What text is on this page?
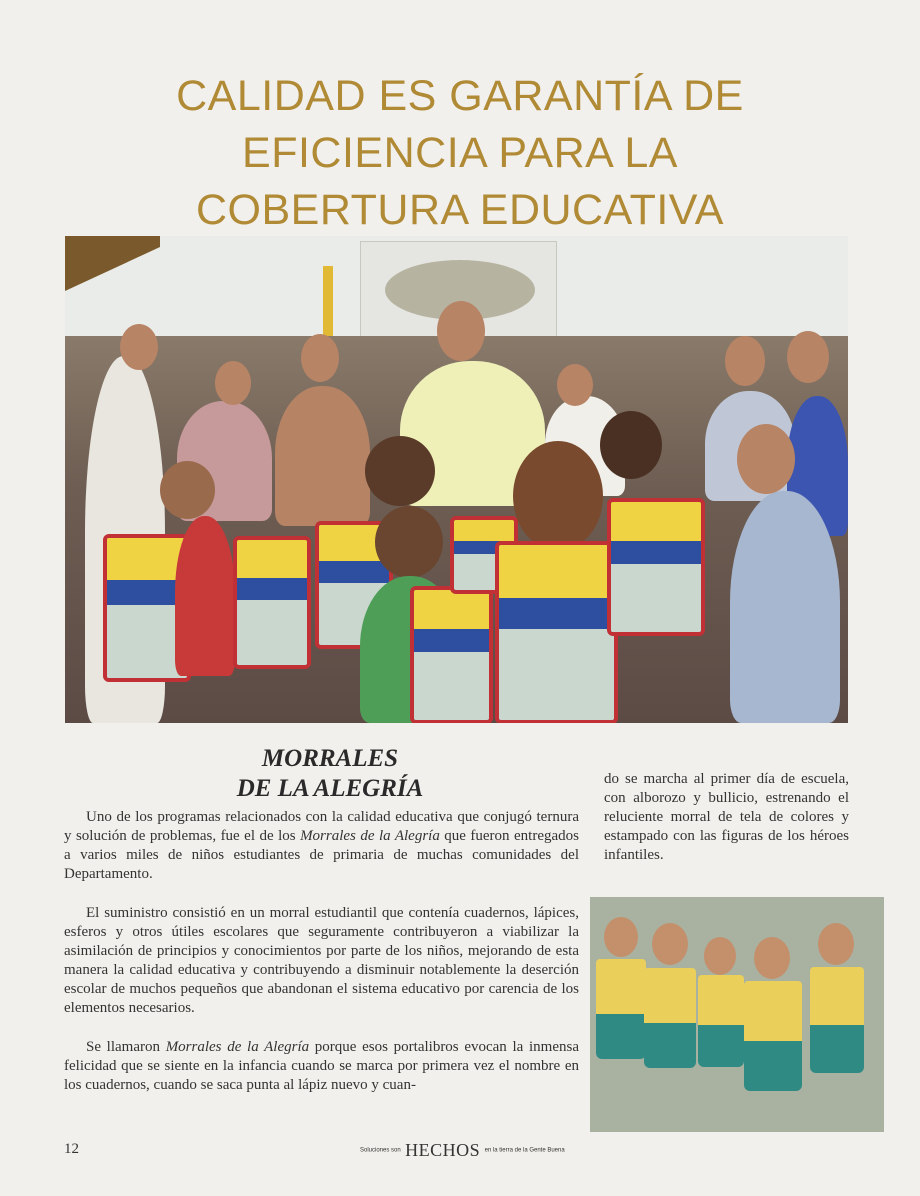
CALIDAD ES GARANTÍA DE
EFICIENCIA PARA LA
COBERTURA EDUCATIVA
MORRALES
DE LA ALEGRÍA

Uno de los programas relacionados con la calidad educativa que conjugó ternura y solución de problemas, fue el de los Morrales de la Alegría que fueron entregados a varios miles de niños estudiantes de primaria de muchas comunidades del Departamento.

El suministro consistió en un morral estudiantil que contenía cuadernos, lápices, esferos y otros útiles escolares que seguramente contribuyeron a viabilizar la asimilación de principios y conocimientos por parte de los niños, mejorando de esta manera la calidad educativa y contribuyendo a disminuir notablemente la deserción escolar de muchos pequeños que abandonan el sistema educativo por carencia de los elementos necesarios.

Se llamaron Morrales de la Alegría porque esos portalibros evocan la inmensa felicidad que se siente en la infancia cuando se marca por primera vez el nombre en los cuadernos, cuando se saca punta al lápiz nuevo y cuan-

do se marcha al primer día de escuela, con alborozo y bullicio, estrenando el reluciente morral de tela de colores y estampado con las figuras de los héroes infantiles.

12	Soluciones son HECHOS en la tierra de la Gente Buena
